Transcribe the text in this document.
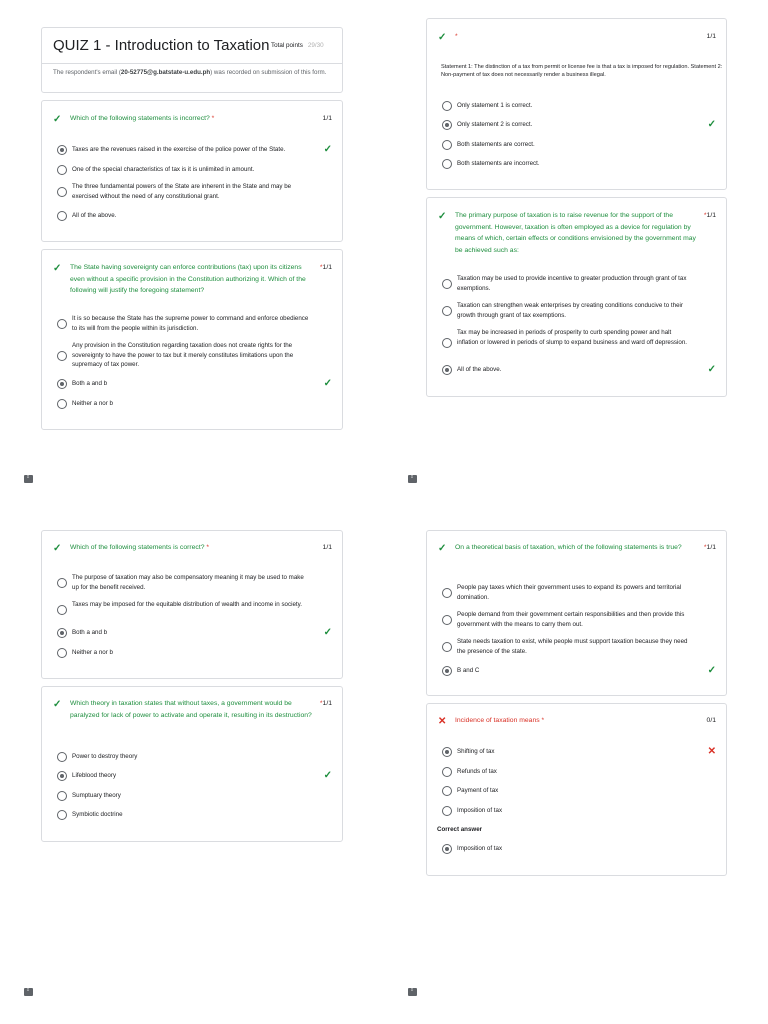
QUIZ 1 - Introduction to Taxation Total points 29/30
The respondent's email (20-52775@g.batstate-u.edu.ph) was recorded on submission of this form.
✓ Which of the following statements is incorrect? *	1/1
Taxes are the revenues raised in the exercise of the police power of the State.	✓
One of the special characteristics of tax is it is unlimited in amount.
The three fundamental powers of the State are inherent in the State and may be exercised without the need of any constitutional grant.
All of the above.
✓ The State having sovereignty can enforce contributions (tax) upon its citizens even without a specific provision in the Constitution authorizing it. Which of the following will justify the foregoing statement?
*1/1
It is so because the State has the supreme power to command and enforce obedience to its will from the people within its jurisdiction.
Any provision in the Constitution regarding taxation does not create rights for the sovereignty to have the power to tax but it merely constitutes limitations upon the supremacy of tax power.
Both a and b	✓
Neither a nor b
!
✓ *	1/1
Statement 1: The distinction of a tax from permit or license fee is that a tax is imposed for regulation. Statement 2: Non-payment of tax does not necessarily render a business illegal.
Only statement 1 is correct.
Only statement 2 is correct.	✓
Both statements are correct.
Both statements are incorrect.
✓ The primary purpose of taxation is to raise revenue for the support of the government. However, taxation is often employed as a device for regulation by means of which, certain effects or conditions envisioned by the government may be achieved such as:
*1/1
Taxation may be used to provide incentive to greater production through grant of tax exemptions.
Taxation can strengthen weak enterprises by creating conditions conducive to their growth through grant of tax exemptions.
Tax may be increased in periods of prosperity to curb spending power and halt inflation or lowered in periods of slump to expand business and ward off depression.
All of the above.	✓
!
✓ Which of the following statements is correct? *	1/1
The purpose of taxation may also be compensatory meaning it may be used to make up for the benefit received.
Taxes may be imposed for the equitable distribution of wealth and income in society.
Both a and b	✓
Neither a nor b
✓ Which theory in taxation states that without taxes, a government would be paralyzed for lack of power to activate and operate it, resulting in its destruction?
*1/1
Power to destroy theory
Lifeblood theory	✓
Sumptuary theory
Symbiotic doctrine
!
✓ On a theoretical basis of taxation, which of the following statements is true?	*1/1
People pay taxes which their government uses to expand its powers and territorial domination.
People demand from their government certain responsibilities and then provide this government with the means to carry them out.
State needs taxation to exist, while people must support taxation because they need the presence of the state.
B and C	✓
✕ Incidence of taxation means *	0/1
Shifting of tax	✕
Refunds of tax
Payment of tax
Imposition of tax
Correct answer
Imposition of tax
!
